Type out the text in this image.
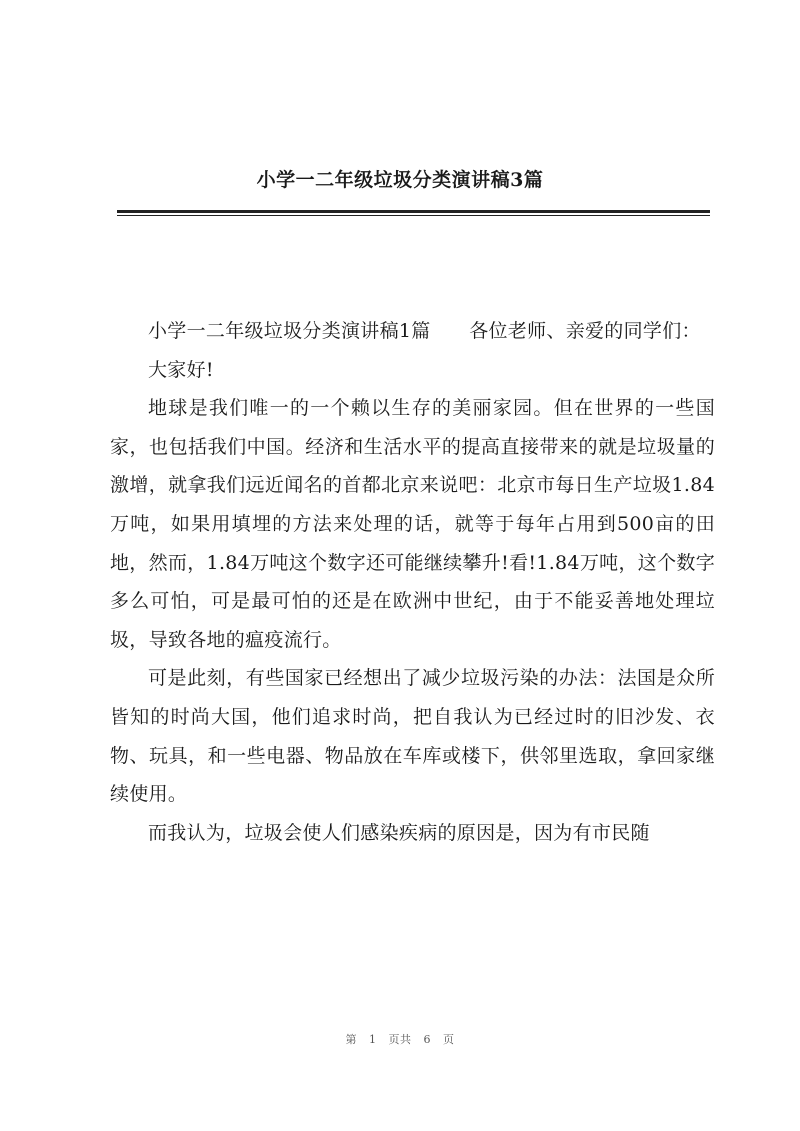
小学一二年级垃圾分类演讲稿3篇

小学一二年级垃圾分类演讲稿1篇　　各位老师、亲爱的同学们：

大家好!

地球是我们唯一的一个赖以生存的美丽家园。但在世界的一些国家，也包括我们中国。经济和生活水平的提高直接带来的就是垃圾量的激增，就拿我们远近闻名的首都北京来说吧：北京市每日生产垃圾1.84万吨，如果用填埋的方法来处理的话，就等于每年占用到500亩的田地，然而，1.84万吨这个数字还可能继续攀升!看!1.84万吨，这个数字多么可怕，可是最可怕的还是在欧洲中世纪，由于不能妥善地处理垃圾，导致各地的瘟疫流行。

可是此刻，有些国家已经想出了减少垃圾污染的办法：法国是众所皆知的时尚大国，他们追求时尚，把自我认为已经过时的旧沙发、衣物、玩具，和一些电器、物品放在车库或楼下，供邻里选取，拿回家继续使用。

而我认为，垃圾会使人们感染疾病的原因是，因为有市民随

第 1 页共 6 页
